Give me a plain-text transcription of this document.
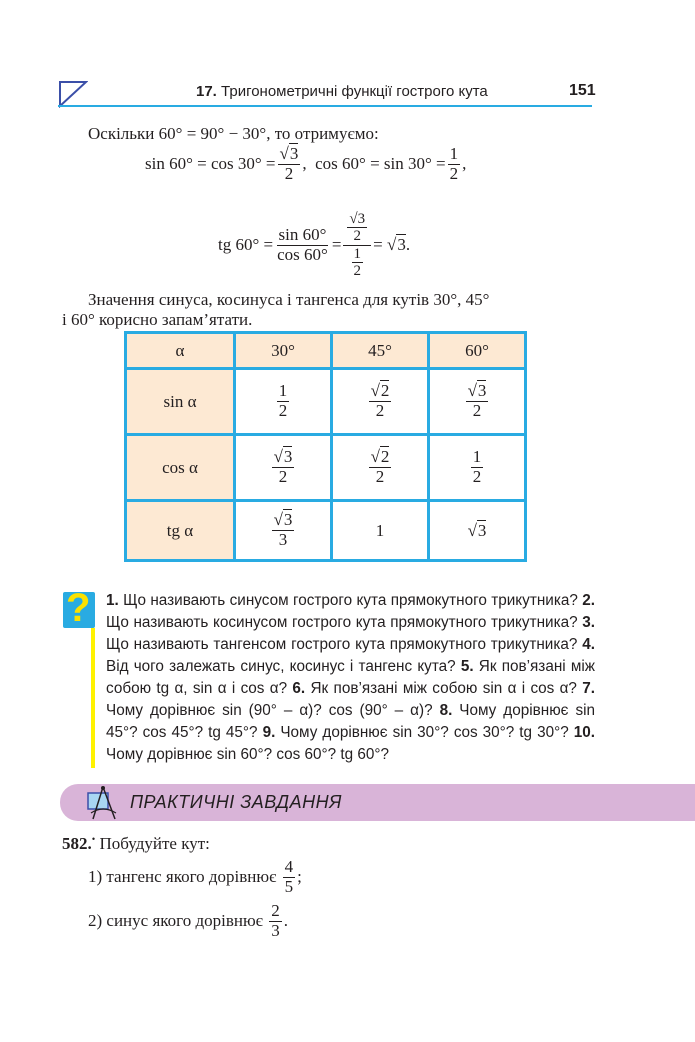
17. Тригонометричні функції гострого кута	151
Оскільки 60° = 90° − 30°, то отримуємо:
$\sin 60^\circ = \cos 30^\circ = \frac{√3}{2}$ , $\cos 60^\circ = \sin 30^\circ = \frac{1}{2}$ ,
tg $60^\circ = \frac{\sin 60^\circ}{\cos 60^\circ} = \frac{\frac{√3}{2}}{\frac{1}{2}} = √3$.
Значення синуса, косинуса і тангенса для кутів 30°, 45°
і 60° корисно запам’ятати.
α	30°	45°	60°
sin α	$\frac{1}{2}$	$\frac{√2}{2}$	$\frac{√3}{2}$

cos α	$\frac{√3}{2}$	$\frac{√2}{2}$	$\frac{1}{2}$

tg α	$\frac{√3}{3}$	1	√3
? 1. Що називають синусом гострого кута прямокутного трикутника? 2. Що називають косинусом гострого кута прямокутного трикутника? 3. Що називають тангенсом гострого кута прямокутного трикутника? 4. Від чого залежать синус, косинус і тангенс кута? 5. Як пов’язані між собою tg α, sin α і cos α? 6. Як пов’язані між собою sin α і cos α? 7. Чому дорівнює sin (90° – α)? cos (90° – α)? 8. Чому дорівнює sin 45°? cos 45°? tg 45°? 9. Чому дорівнює sin 30°? cos 30°? tg 30°? 10. Чому дорівнює sin 60°? cos 60°? tg 60°?
ПРАКТИЧНІ ЗАВДАННЯ
582.• Побудуйте кут:
1) тангенс якого дорівнює
$\frac{4}{5}$ ;
2) синус якого дорівнює
$\frac{2}{3}$ .
